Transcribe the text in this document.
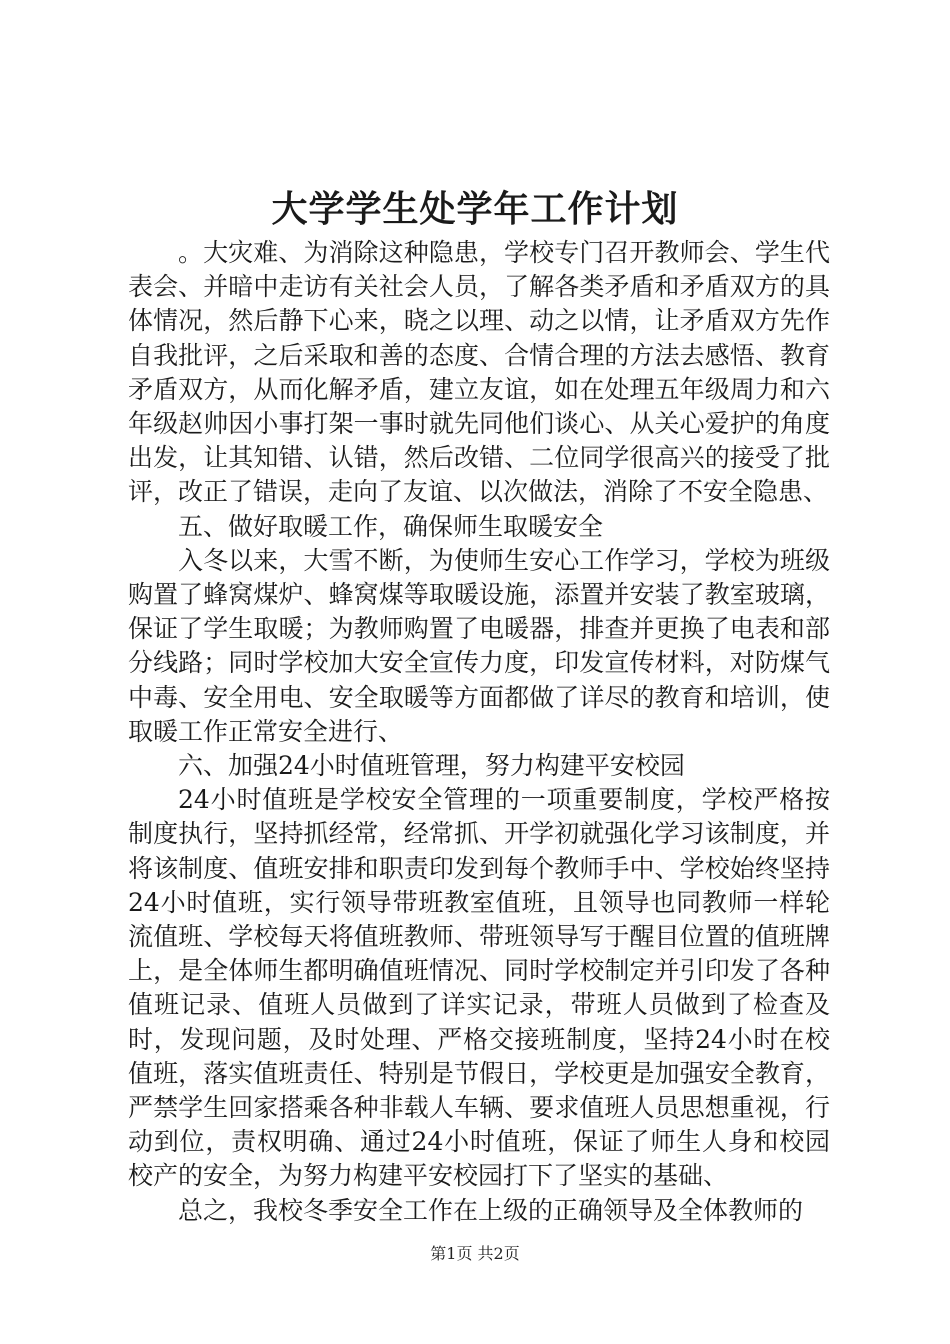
大学学生处学年工作计划

。大灾难、为消除这种隐患，学校专门召开教师会、学生代表会、并暗中走访有关社会人员，了解各类矛盾和矛盾双方的具体情况，然后静下心来，晓之以理、动之以情，让矛盾双方先作自我批评，之后采取和善的态度、合情合理的方法去感悟、教育矛盾双方，从而化解矛盾，建立友谊，如在处理五年级周力和六年级赵帅因小事打架一事时就先同他们谈心、从关心爱护的角度出发，让其知错、认错，然后改错、二位同学很高兴的接受了批评，改正了错误，走向了友谊、以次做法，消除了不安全隐患、

五、做好取暖工作，确保师生取暖安全

入冬以来，大雪不断，为使师生安心工作学习，学校为班级购置了蜂窝煤炉、蜂窝煤等取暖设施，添置并安装了教室玻璃，保证了学生取暖；为教师购置了电暖器，排查并更换了电表和部分线路；同时学校加大安全宣传力度，印发宣传材料，对防煤气中毒、安全用电、安全取暖等方面都做了详尽的教育和培训，使取暖工作正常安全进行、

六、加强24小时值班管理，努力构建平安校园

24小时值班是学校安全管理的一项重要制度，学校严格按制度执行，坚持抓经常，经常抓、开学初就强化学习该制度，并将该制度、值班安排和职责印发到每个教师手中、学校始终坚持24小时值班，实行领导带班教室值班，且领导也同教师一样轮流值班、学校每天将值班教师、带班领导写于醒目位置的值班牌上，是全体师生都明确值班情况、同时学校制定并引印发了各种值班记录、值班人员做到了详实记录，带班人员做到了检查及时，发现问题，及时处理、严格交接班制度，坚持24小时在校值班，落实值班责任、特别是节假日，学校更是加强安全教育，严禁学生回家搭乘各种非载人车辆、要求值班人员思想重视，行动到位，责权明确、通过24小时值班，保证了师生人身和校园校产的安全，为努力构建平安校园打下了坚实的基础、

总之，我校冬季安全工作在上级的正确领导及全体教师的

第1页 共2页
